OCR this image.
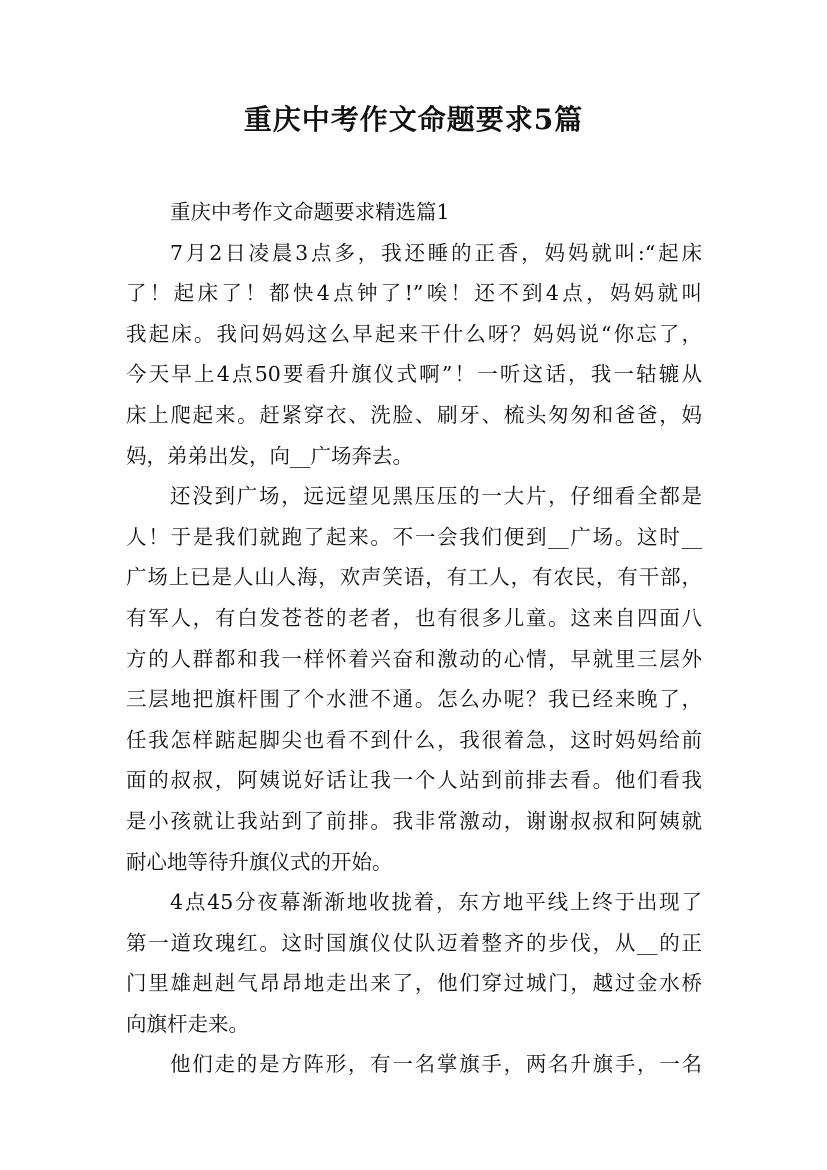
重庆中考作文命题要求5篇
重庆中考作文命题要求精选篇1
7月2日凌晨3点多，我还睡的正香，妈妈就叫:“起床
了！起床了！都快4点钟了!”唉！还不到4点，妈妈就叫
我起床。我问妈妈这么早起来干什么呀？妈妈说“你忘了，
今天早上4点50要看升旗仪式啊”！一听这话，我一轱辘从
床上爬起来。赶紧穿衣、洗脸、刷牙、梳头匆匆和爸爸，妈
妈，弟弟出发，向__广场奔去。
还没到广场，远远望见黑压压的一大片，仔细看全都是
人！于是我们就跑了起来。不一会我们便到__广场。这时__
广场上已是人山人海，欢声笑语，有工人，有农民，有干部，
有军人，有白发苍苍的老者，也有很多儿童。这来自四面八
方的人群都和我一样怀着兴奋和激动的心情，早就里三层外
三层地把旗杆围了个水泄不通。怎么办呢？我已经来晚了，
任我怎样踮起脚尖也看不到什么，我很着急，这时妈妈给前
面的叔叔，阿姨说好话让我一个人站到前排去看。他们看我
是小孩就让我站到了前排。我非常激动，谢谢叔叔和阿姨就
耐心地等待升旗仪式的开始。
4点45分夜幕渐渐地收拢着，东方地平线上终于出现了
第一道玫瑰红。这时国旗仪仗队迈着整齐的步伐，从__的正
门里雄赳赳气昂昂地走出来了，他们穿过城门，越过金水桥
向旗杆走来。
他们走的是方阵形，有一名掌旗手，两名升旗手，一名
